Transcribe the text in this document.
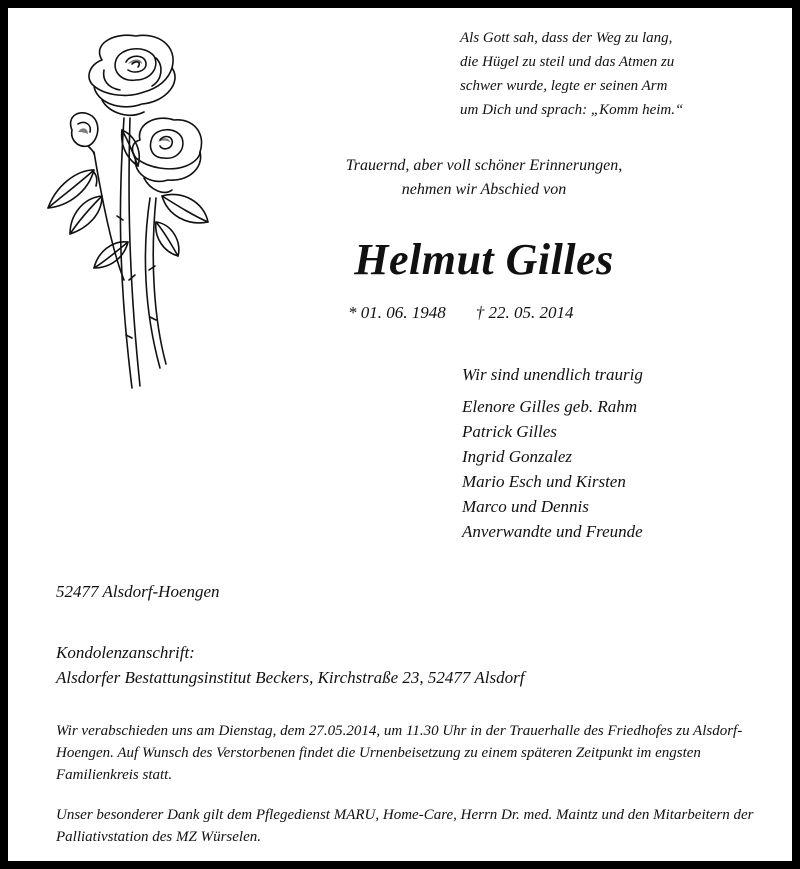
Als Gott sah, dass der Weg zu lang,
die Hügel zu steil und das Atmen zu
schwer wurde, legte er seinen Arm
um Dich und sprach: „Komm heim.“
Trauernd, aber voll schöner Erinnerungen,
nehmen wir Abschied von
Helmut Gilles
* 01. 06. 1948 † 22. 05. 2014
Wir sind unendlich traurig
Elenore Gilles geb. Rahm
Patrick Gilles
Ingrid Gonzalez
Mario Esch und Kirsten
Marco und Dennis
Anverwandte und Freunde
52477 Alsdorf-Hoengen
Kondolenzanschrift:
Alsdorfer Bestattungsinstitut Beckers, Kirchstraße 23, 52477 Alsdorf
Wir verabschieden uns am Dienstag, dem 27.05.2014, um 11.30 Uhr in der Trauerhalle des Friedhofes zu Alsdorf-Hoengen. Auf Wunsch des Verstorbenen findet die Urnenbeisetzung zu einem späteren Zeitpunkt im engsten Familienkreis statt.
Unser besonderer Dank gilt dem Pflegedienst MARU, Home-Care, Herrn Dr. med. Maintz und den Mitarbeitern der Palliativstation des MZ Würselen.
